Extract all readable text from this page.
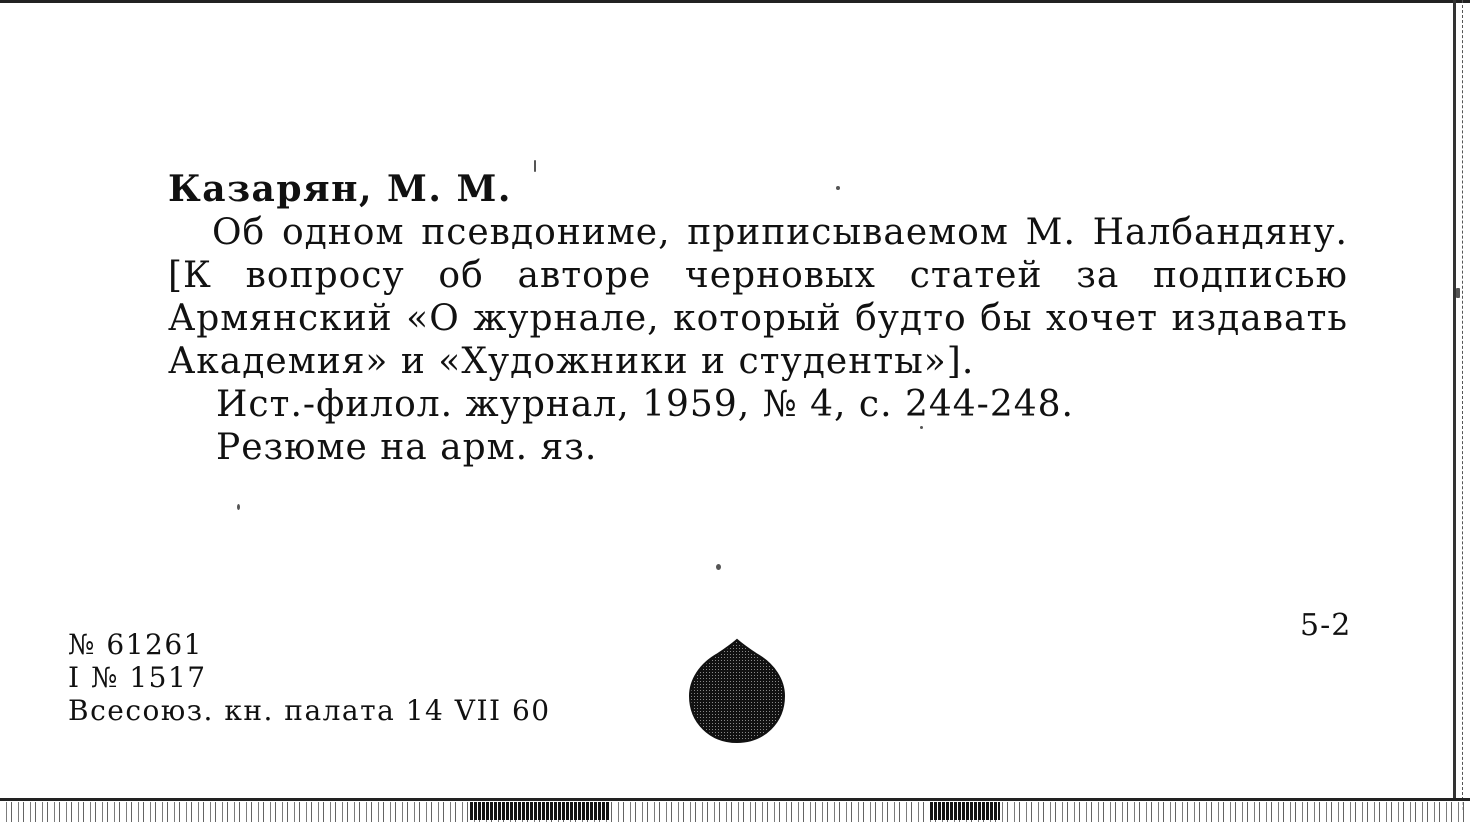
Казарян, М. М.
Об одном псевдониме, приписываемом М. Налбандяну.
[К вопросу об авторе черновых статей за подписью
Армянский «О журнале, который будто бы хочет издавать
Академия» и «Художники и студенты»].
Ист.-филол. журнал, 1959, № 4, с. 244-248.
Резюме на арм. яз.
№ 61261
I № 1517
Всесоюз. кн. палата 14 VII 60
5-2
